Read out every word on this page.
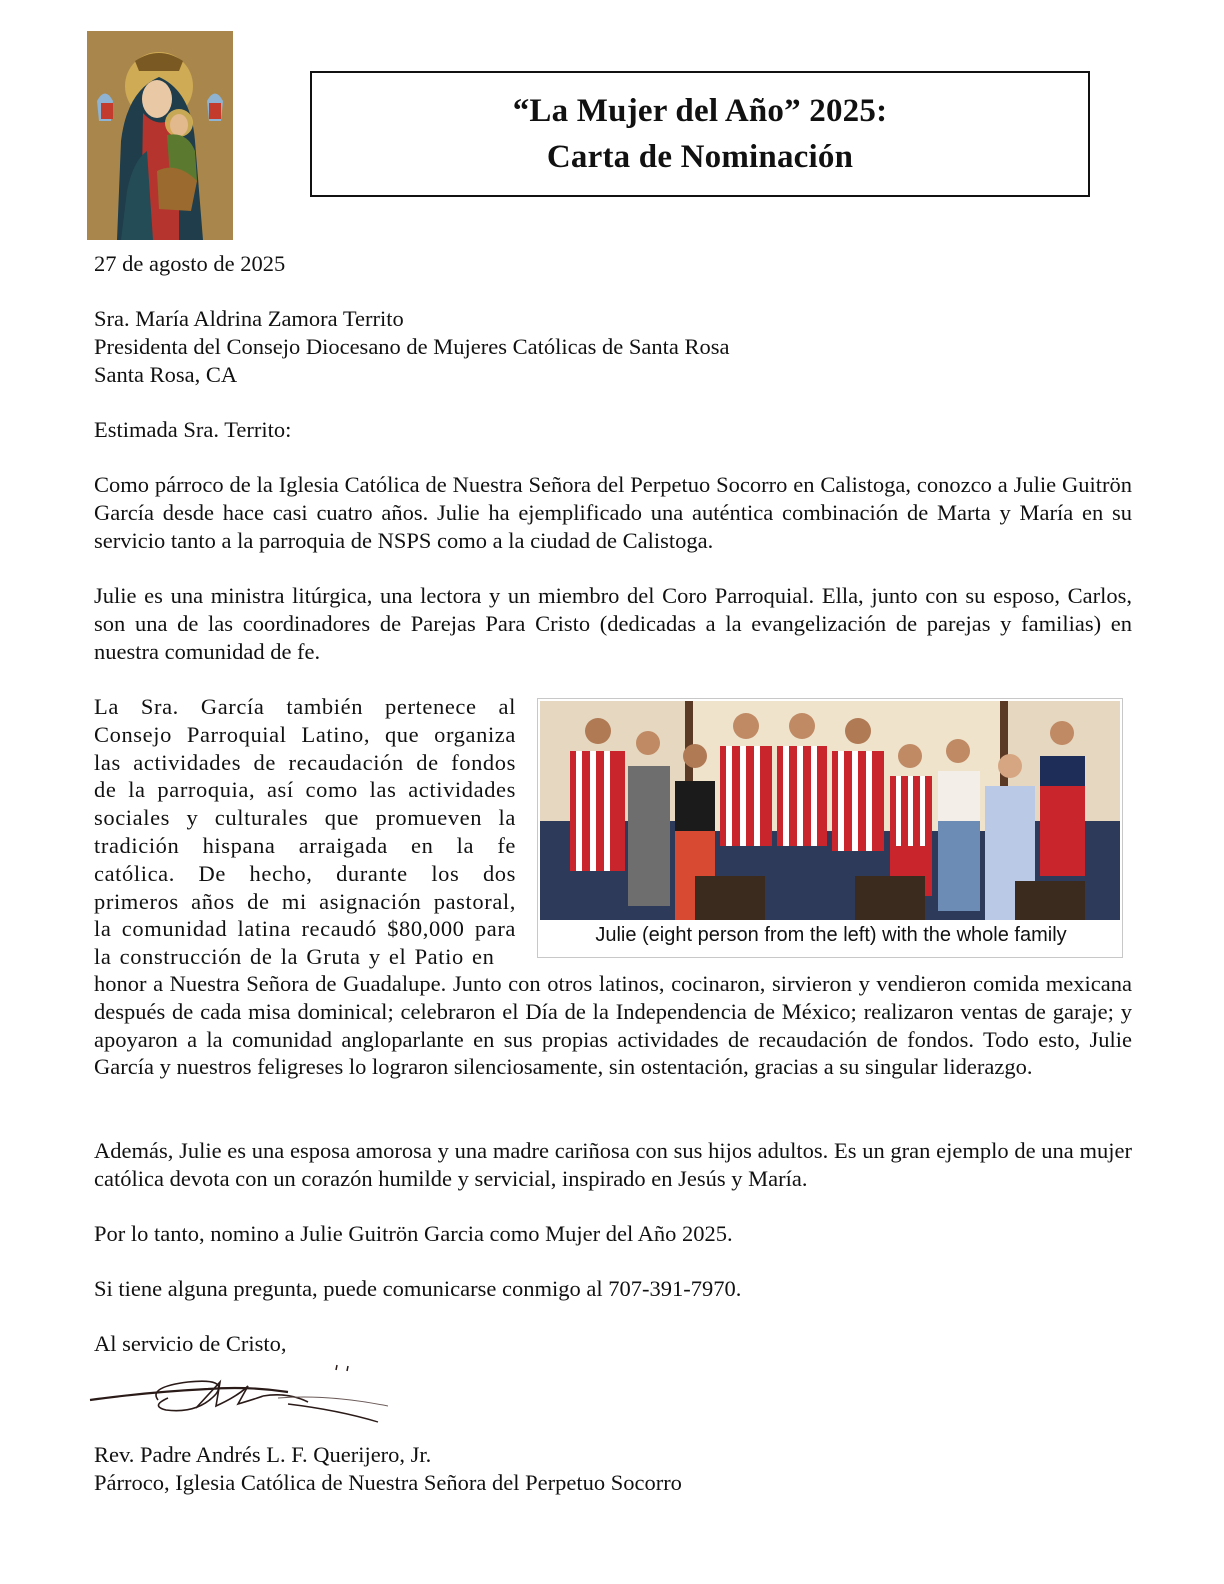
“La Mujer del Año” 2025:
Carta de Nominación
27 de agosto de 2025
Sra. María Aldrina Zamora Territo
Presidenta del Consejo Diocesano de Mujeres Católicas de Santa Rosa
Santa Rosa, CA
Estimada Sra. Territo:
Como párroco de la Iglesia Católica de Nuestra Señora del Perpetuo Socorro en Calistoga, conozco a Julie Guitrön García desde hace casi cuatro años. Julie ha ejemplificado una auténtica combinación de Marta y María en su servicio tanto a la parroquia de NSPS como a la ciudad de Calistoga.
Julie es una ministra litúrgica, una lectora y un miembro del Coro Parroquial. Ella, junto con su esposo, Carlos, son una de las coordinadores de Parejas Para Cristo (dedicadas a la evangelización de parejas y familias) en nuestra comunidad de fe.
La Sra. García también pertenece al Consejo Parroquial Latino, que organiza las actividades de recaudación de fondos de la parroquia, así como las actividades sociales y culturales que promueven la tradición hispana arraigada en la fe católica. De hecho, durante los dos primeros años de mi asignación pastoral, la comunidad latina recaudó $80,000 para la construcción de la Gruta y el Patio en
Julie (eight person from the left) with the whole family
honor a Nuestra Señora de Guadalupe. Junto con otros latinos, cocinaron, sirvieron y vendieron comida mexicana después de cada misa dominical; celebraron el Día de la Independencia de México; realizaron ventas de garaje; y apoyaron a la comunidad angloparlante en sus propias actividades de recaudación de fondos. Todo esto, Julie García y nuestros feligreses lo lograron silenciosamente, sin ostentación, gracias a su singular liderazgo.
Además, Julie es una esposa amorosa y una madre cariñosa con sus hijos adultos. Es un gran ejemplo de una mujer católica devota con un corazón humilde y servicial, inspirado en Jesús y María.
Por lo tanto, nomino a Julie Guitrön Garcia como Mujer del Año 2025.
Si tiene alguna pregunta, puede comunicarse conmigo al 707-391-7970.
Al servicio de Cristo,
Rev. Padre Andrés L. F. Querijero, Jr.
Párroco, Iglesia Católica de Nuestra Señora del Perpetuo Socorro
